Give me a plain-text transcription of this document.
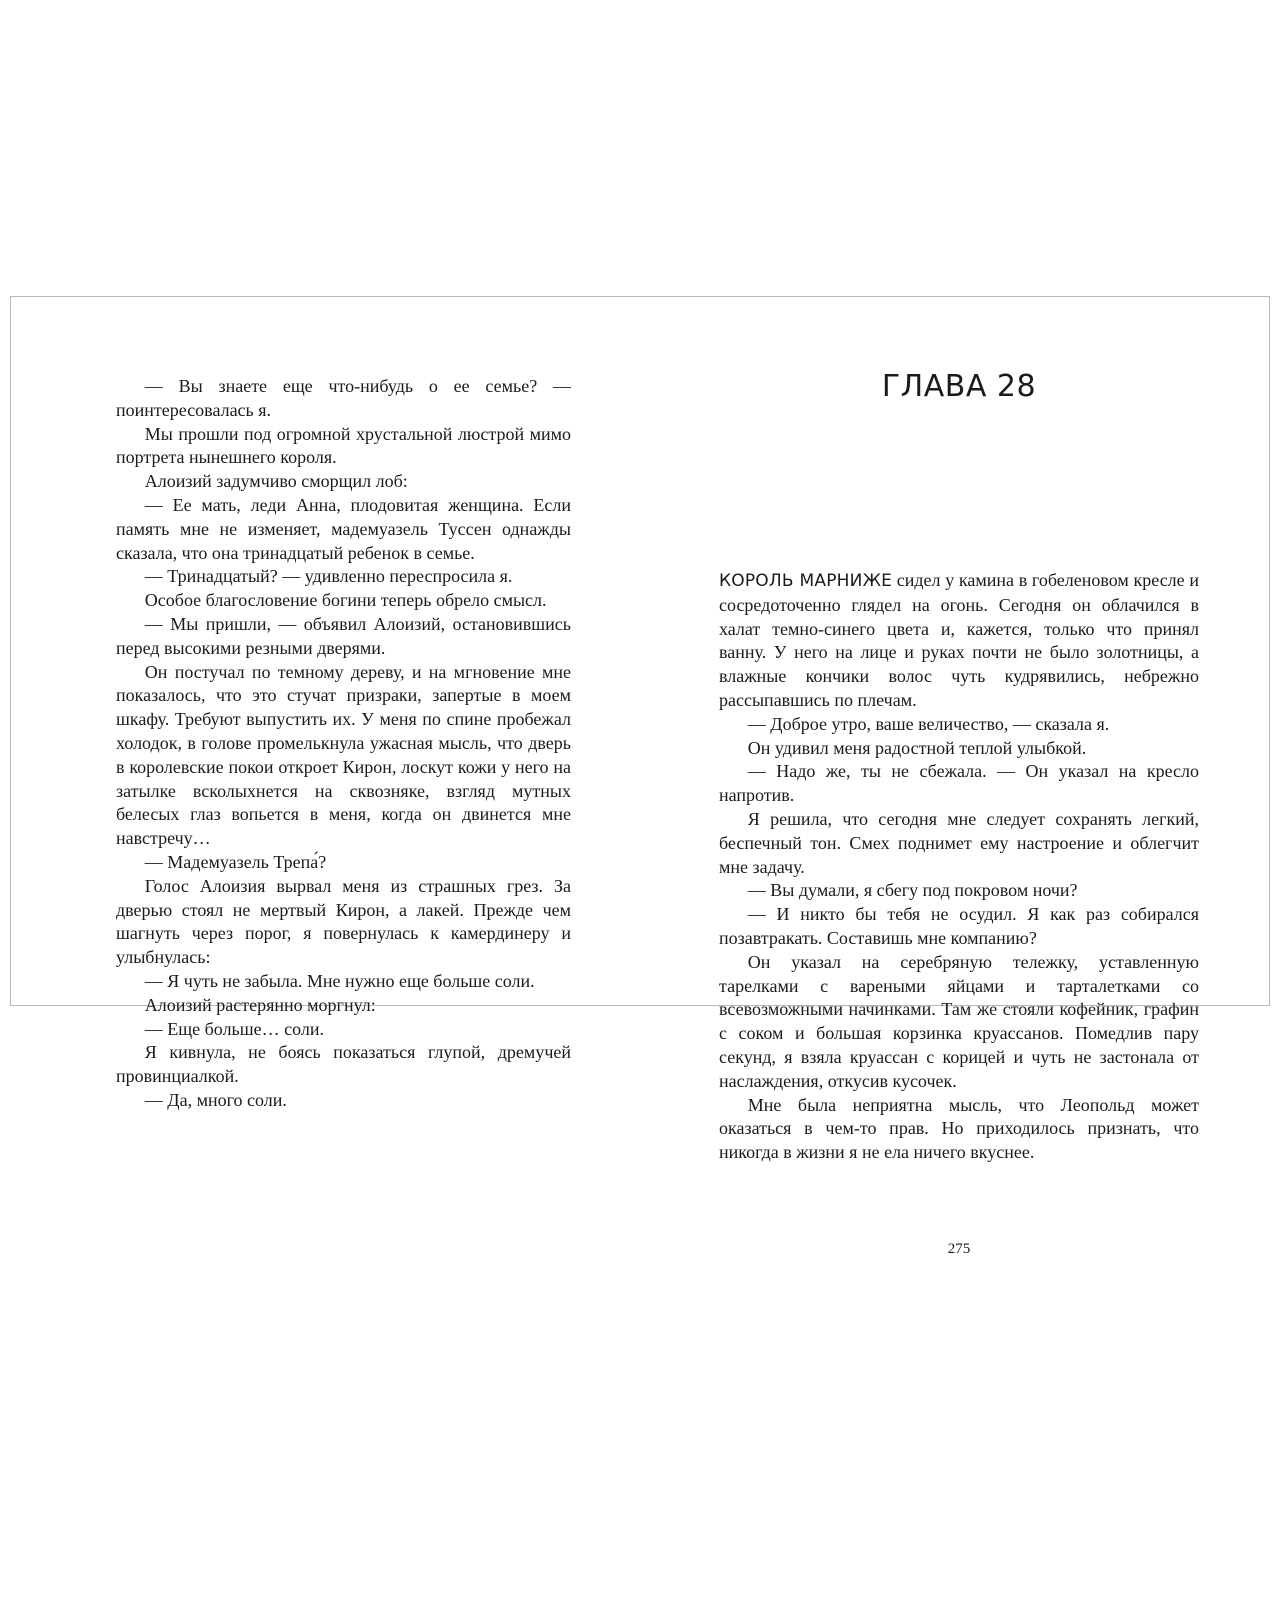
— Вы знаете еще что-нибудь о ее семье? — поинтересовалась я.

Мы прошли под огромной хрустальной люстрой мимо портрета нынешнего короля.

Алоизий задумчиво сморщил лоб:

— Ее мать, леди Анна, плодовитая женщина. Если память мне не изменяет, мадемуазель Туссен однажды сказала, что она тринадцатый ребенок в семье.

— Тринадцатый? — удивленно переспросила я.

Особое благословение богини теперь обрело смысл.

— Мы пришли, — объявил Алоизий, остановившись перед высокими резными дверями.

Он постучал по темному дереву, и на мгновение мне показалось, что это стучат призраки, запертые в моем шкафу. Требуют выпустить их. У меня по спине пробежал холодок, в голове промелькнула ужасная мысль, что дверь в королевские покои откроет Кирон, лоскут кожи у него на затылке всколыхнется на сквозняке, взгляд мутных белесых глаз вопьется в меня, когда он двинется мне навстречу…

— Мадемуазель Трепа́?

Голос Алоизия вырвал меня из страшных грез. За дверью стоял не мертвый Кирон, а лакей. Прежде чем шагнуть через порог, я повернулась к камердинеру и улыбнулась:

— Я чуть не забыла. Мне нужно еще больше соли.

Алоизий растерянно моргнул:

— Еще больше… соли.

Я кивнула, не боясь показаться глупой, дремучей провинциалкой.

— Да, много соли.

ГЛАВА 28

КОРОЛЬ МАРНИЖЕ сидел у камина в гобеленовом кресле и сосредоточенно глядел на огонь. Сегодня он облачился в халат темно-синего цвета и, кажется, только что принял ванну. У него на лице и руках почти не было золотницы, а влажные кончики волос чуть кудрявились, небрежно рассыпавшись по плечам.

— Доброе утро, ваше величество, — сказала я.

Он удивил меня радостной теплой улыбкой.

— Надо же, ты не сбежала. — Он указал на кресло напротив.

Я решила, что сегодня мне следует сохранять легкий, беспечный тон. Смех поднимет ему настроение и облегчит мне задачу.

— Вы думали, я сбегу под покровом ночи?

— И никто бы тебя не осудил. Я как раз собирался позавтракать. Составишь мне компанию?

Он указал на серебряную тележку, уставленную тарелками с вареными яйцами и тарталетками со всевозможными начинками. Там же стояли кофейник, графин с соком и большая корзинка круассанов. Помедлив пару секунд, я взяла круассан с корицей и чуть не застонала от наслаждения, откусив кусочек.

Мне была неприятна мысль, что Леопольд может оказаться в чем-то прав. Но приходилось признать, что никогда в жизни я не ела ничего вкуснее.

275
